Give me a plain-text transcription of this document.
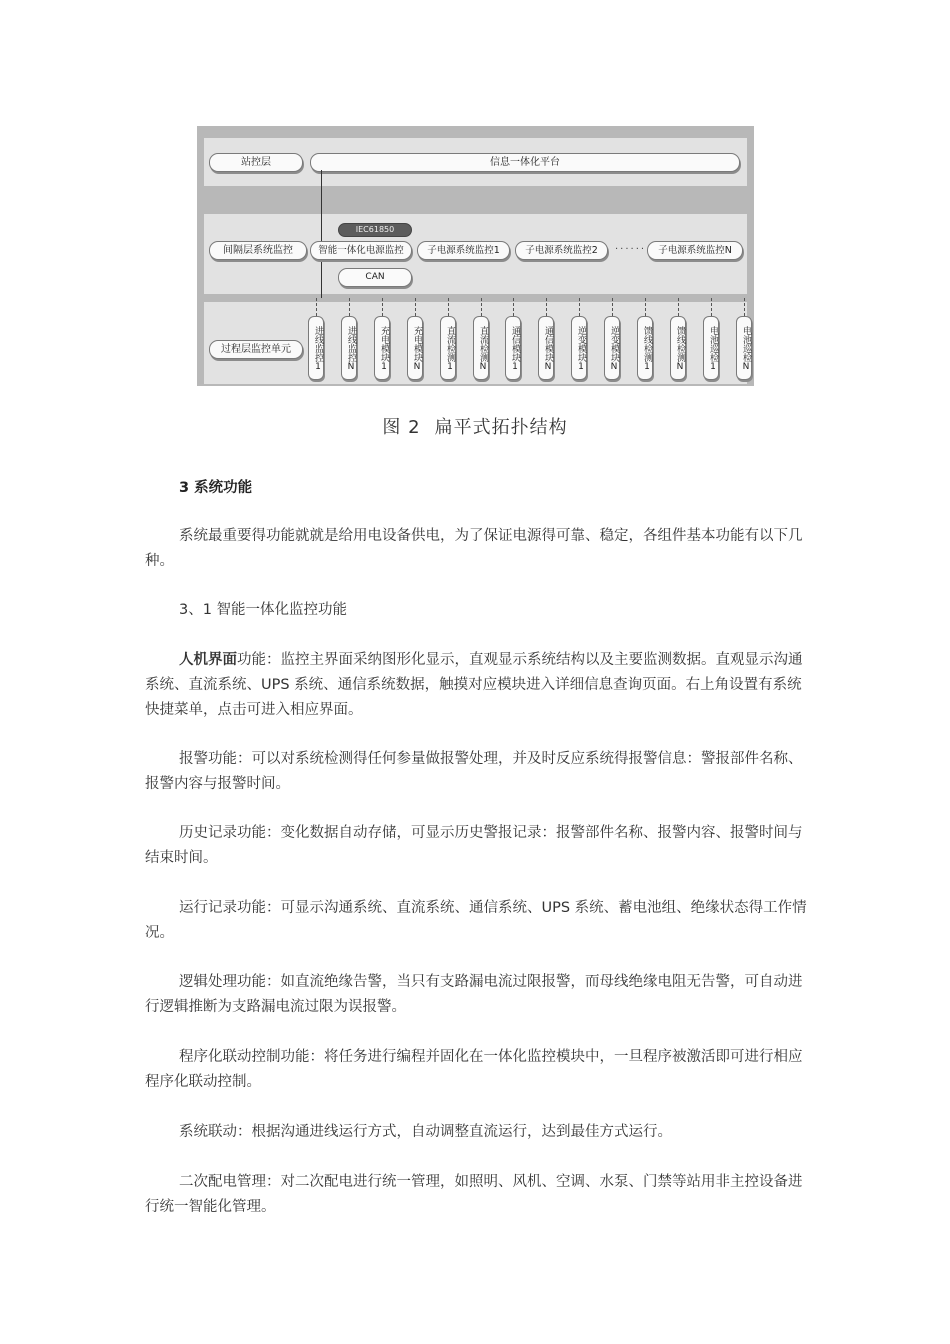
站控层	信息一体化平台
IEC61850
间隔层系统监控	智能一体化电源监控	子电源系统监控1	子电源系统监控2	······	子电源系统监控N
CAN
过程层监控单元	进线监控1	进线监控N	充电模块1	充电模块N	直流检测1	直流检测N	通信模块1	通信模块N	逆变模块1	逆变模块N	馈线检测1	馈线检测N	电池巡检1	电池巡检N
图 2 扁平式拓扑结构
3 系统功能

系统最重要得功能就就是给用电设备供电，为了保证电源得可靠、稳定，各组件基本功能有以下几种。

3、1 智能一体化监控功能

人机界面功能：监控主界面采纳图形化显示，直观显示系统结构以及主要监测数据。直观显示沟通系统、直流系统、UPS 系统、通信系统数据，触摸对应模块进入详细信息查询页面。右上角设置有系统快捷菜单，点击可进入相应界面。

报警功能：可以对系统检测得任何参量做报警处理，并及时反应系统得报警信息：警报部件名称、报警内容与报警时间。

历史记录功能：变化数据自动存储，可显示历史警报记录：报警部件名称、报警内容、报警时间与结束时间。

运行记录功能：可显示沟通系统、直流系统、通信系统、UPS 系统、蓄电池组、绝缘状态得工作情况。

逻辑处理功能：如直流绝缘告警，当只有支路漏电流过限报警，而母线绝缘电阻无告警，可自动进行逻辑推断为支路漏电流过限为误报警。

程序化联动控制功能：将任务进行编程并固化在一体化监控模块中，一旦程序被激活即可进行相应程序化联动控制。

系统联动：根据沟通进线运行方式，自动调整直流运行，达到最佳方式运行。

二次配电管理：对二次配电进行统一管理，如照明、风机、空调、水泵、门禁等站用非主控设备进行统一智能化管理。
